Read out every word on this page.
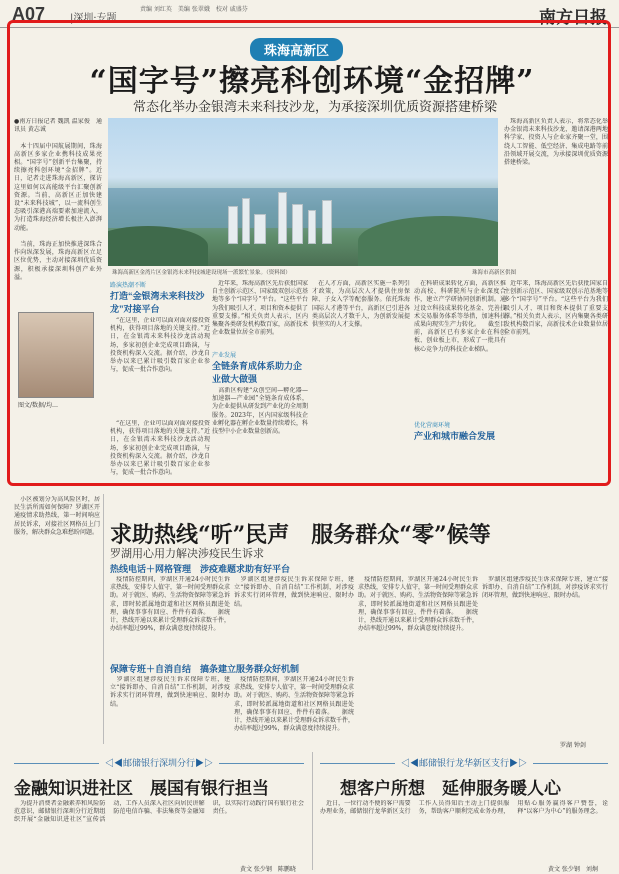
A07 |深圳·专题
责编 刘红英　美编 张翠娥　校对 戚盛芬	南方日报
珠海高新区
“国字号”擦亮科创环境“金招牌”
常态化举办金银湾未来科技沙龙，为承接深圳优质资源搭建桥梁
●南方日报记者 魏凯 温家俊　通讯员 黄志诚

　本十四届中国航展期间，珠海高新区多家企业携科技成果亮相。“国字号”创新平台集聚，持续擦亮科创环境“金招牌”。近日，记者走进珠海高新区，探访这里如何以高能级平台汇聚创新资源。当前，高新区正加快建设“未来科技城”，以一流科创生态吸引深港高端要素加速流入，为打造珠海经济增长极注入澎湃动能。

　当前，珠海正加快推进深珠合作向纵深发展，珠海高新区立足区位优势，主动对接深圳优质资源，积极承接深圳科创产业外溢。
珠海高新区金湾片区金银湾未来科技城建设现场一派繁忙景象。（资料图）	珠海市高新区供图
　珠海高新区负责人表示，将常态化举办金银湾未来科技沙龙，邀请深港两地科学家、投资人与企业家齐聚一堂，围绕人工智能、低空经济、集成电路等前沿领域开展交流，为承接深圳优质资源搭建桥梁。
路演热潮不断
打造“金银湾未来科技沙龙”对接平台
　“在这里，企业可以面对面对接投资机构，获得项目落地的关键支持。”近日，在金银湾未来科技沙龙活动现场，多家初创企业完成项目路演，与投资机构深入交流。据介绍，沙龙自举办以来已累计吸引数百家企业参与，促成一批合作意向。
产业发展
全链条育成体系助力企业做大做强
　高新区构建“众创空间—孵化器—加速器—产业园”全链条育成体系，为企业提供从研发到产业化的全周期服务。2023年，区内国家级科技企业孵化器在孵企业数量持续增长，科技型中小企业数量创新高。
　近年来，珠海高新区先后获批国家自主创新示范区、国家级双创示范基地等多个“国字号”平台。“这些平台为我们吸引人才、项目和资本提供了重要支撑。”相关负责人表示，区内集聚各类研发机构数百家，高新技术企业数量位居全市前列。
　在人才方面，高新区实施一系列引才政策，为高层次人才提供住房保障、子女入学等配套服务。依托珠海国际人才港等平台，高新区已引进各类高层次人才数千人，为创新发展提供坚实的人才支撑。
优化营商环境
产业和城市融合发展
　在科研成果转化方面，高新区推动高校、科研院所与企业深度合作，建立产学研协同创新机制。通过设立科技成果转化基金、完善技术交易服务体系等举措，加速科技成果向现实生产力转化。 　截至目前，高新区已有多家企业在科创板、创业板上市，形成了一批具有核心竞争力的科技企业梯队。
图文/数据/均…
　“在这里，企业可以面对面对接投资机构，获得项目落地的关键支持。”近日，在金银湾未来科技沙龙活动现场，多家初创企业完成项目路演，与投资机构深入交流。据介绍，沙龙自举办以来已累计吸引数百家企业参与，促成一批合作意向。
　近年来，珠海高新区先后获批国家自主创新示范区、国家级双创示范基地等多个“国字号”平台。“这些平台为我们吸引人才、项目和资本提供了重要支撑。”相关负责人表示，区内集聚各类研发机构数百家，高新技术企业数量位居全市前列。
　小区被划分为高风险区时，居民生活所需如何保障？罗湖区开通疫情求助热线，第一时间响应居民诉求，对接社区网格员上门服务，解决群众急难愁盼问题。 求助热线“听”民声　服务群众“零”候等
罗湖用心用力解决涉疫民生诉求
热线电话＋网格管理　涉疫难题求助有好平台
　疫情防控期间，罗湖区开通24小时民生诉求热线，安排专人值守，第一时间受理群众求助。对于就医、购药、生活物资保障等紧急诉求，即时转派属地街道和社区网格员跟进处理，确保事事有回应、件件有着落。 　据统计，热线开通以来累计受理群众诉求数千件，办结率超过99%，群众满意度持续提升。
　罗湖区组建涉疫民生诉求保障专班，建立“接诉即办、自消自结”工作机制，对涉疫诉求实行闭环管理，做到快速响应、限时办结。
　疫情防控期间，罗湖区开通24小时民生诉求热线，安排专人值守，第一时间受理群众求助。对于就医、购药、生活物资保障等紧急诉求，即时转派属地街道和社区网格员跟进处理，确保事事有回应、件件有着落。 　据统计，热线开通以来累计受理群众诉求数千件，办结率超过99%，群众满意度持续提升。
　罗湖区组建涉疫民生诉求保障专班，建立“接诉即办、自消自结”工作机制，对涉疫诉求实行闭环管理，做到快速响应、限时办结。
保障专班＋自消自结　搞条建立服务群众好机制
　罗湖区组建涉疫民生诉求保障专班，建立“接诉即办、自消自结”工作机制，对涉疫诉求实行闭环管理，做到快速响应、限时办结。
　疫情防控期间，罗湖区开通24小时民生诉求热线，安排专人值守，第一时间受理群众求助。对于就医、购药、生活物资保障等紧急诉求，即时转派属地街道和社区网格员跟进处理，确保事事有回应、件件有着落。 　据统计，热线开通以来累计受理群众诉求数千件，办结率超过99%，群众满意度持续提升。
罗湖 钟剑
◁◀邮储银行深圳分行▶▷
金融知识进社区　展国有银行担当
　为提升消费者金融素养和风险防范意识，邮储银行深圳分行近期组织开展“金融知识进社区”宣传活动，工作人员深入社区向居民讲解防范电信诈骗、非法集资等金融知识，以实际行动践行国有银行社会责任。
黄文 张少钢　陈鹏晓
◁◀邮储银行龙华新区支行▶▷
想客户所想　延伸服务暖人心
　近日，一位行动不便的客户需要办理业务，邮储银行龙华新区支行工作人员得知后主动上门提供服务，帮助客户顺利完成业务办理，用贴心服务赢得客户赞誉，诠释“以客户为中心”的服务理念。
黄文 张少钢　刘炯
